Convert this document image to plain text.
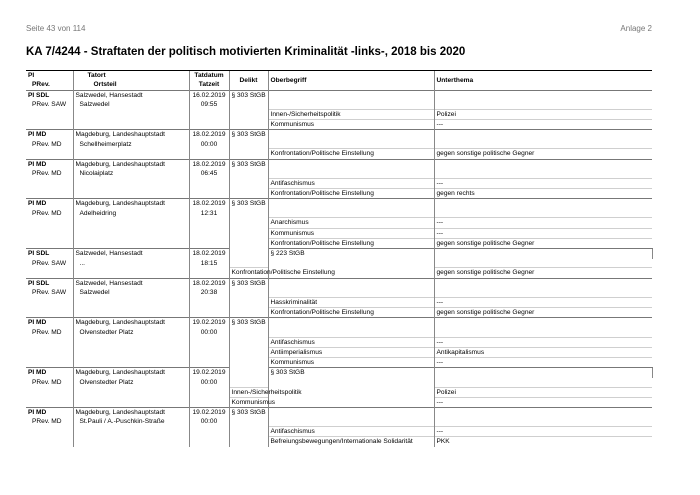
Seite 43 von 114	Anlage 2
KA 7/4244 - Straftaten der politisch motivierten Kriminalität -links-, 2018 bis 2020
PI	Tatort	Tatdatum	Delikt	Oberbegriff	Unterthema	
PRev.	Ortsteil	Tatzeit				
PI SDL	Salzwedel, Hansestadt	16.02.2019	§ 303 StGB			
PRev. SAW	Salzwedel	09:55				
				Innen-/Sicherheitspolitik	Polizei	
				Kommunismus	---	
PI MD	Magdeburg, Landeshauptstadt	18.02.2019	§ 303 StGB			
PRev. MD	Schellheimerplatz	00:00				
				Konfrontation/Politische Einstellung	gegen sonstige politische Gegner	
PI MD	Magdeburg, Landeshauptstadt	18.02.2019	§ 303 StGB			
PRev. MD	Nicolaiplatz	06:45				
				Antifaschismus	---	
				Konfrontation/Politische Einstellung	gegen rechts	
PI MD	Magdeburg, Landeshauptstadt	18.02.2019	§ 303 StGB			
PRev. MD	Adelheidring	12:31				
				Anarchismus	---	
				Kommunismus	---	
				Konfrontation/Politische Einstellung	gegen sonstige politische Gegner	
PI SDL	Salzwedel, Hansestadt	18.02.2019		§ 223 StGB		
PRev. SAW	...	18:15				
			Konfrontation/Politische Einstellung		gegen sonstige politische Gegner	
PI SDL	Salzwedel, Hansestadt	18.02.2019	§ 303 StGB			
PRev. SAW	Salzwedel	20:38				
				Hasskriminalität	---	
				Konfrontation/Politische Einstellung	gegen sonstige politische Gegner	
PI MD	Magdeburg, Landeshauptstadt	19.02.2019	§ 303 StGB			
PRev. MD	Olvenstedter Platz	00:00				
				Antifaschismus	---	
				Antiimperialismus	Antikapitalismus	
				Kommunismus	---	
PI MD	Magdeburg, Landeshauptstadt	19.02.2019		§ 303 StGB		
PRev. MD	Olvenstedter Platz	00:00				
			Innen-/Sicherheitspolitik		Polizei	
			Kommunismus		---	
PI MD	Magdeburg, Landeshauptstadt	19.02.2019	§ 303 StGB			
PRev. MD	St.Pauli / A.-Puschkin-Straße	00:00				
				Antifaschismus	---	
				Befreiungsbewegungen/Internationale Solidarität	PKK	
